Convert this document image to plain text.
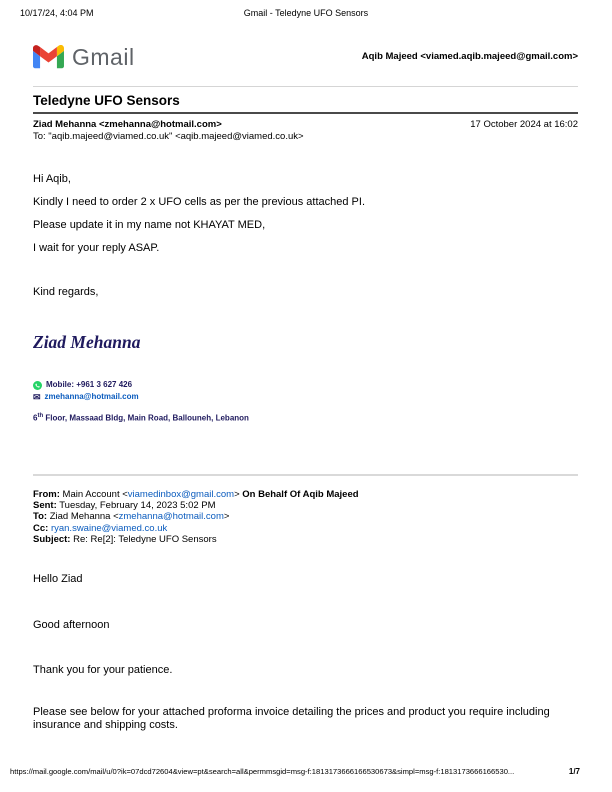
10/17/24, 4:04 PM	Gmail - Teledyne UFO Sensors
Gmail	Aqib Majeed <viamed.aqib.majeed@gmail.com>
Teledyne UFO Sensors
Ziad Mehanna <zmehanna@hotmail.com>	17 October 2024 at 16:02
To: "aqib.majeed@viamed.co.uk" <aqib.majeed@viamed.co.uk>

Hi Aqib,

Kindly I need to order 2 x UFO cells as per the previous attached PI.

Please update it in my name not KHAYAT MED,

I wait for your reply ASAP.

Kind regards,

Ziad Mehanna
Mobile: +961 3 627 426
✉ zmehanna@hotmail.com
6th Floor, Massaad Bldg, Main Road, Ballouneh, Lebanon
From: Main Account <viamedinbox@gmail.com> On Behalf Of Aqib Majeed
Sent: Tuesday, February 14, 2023 5:02 PM
To: Ziad Mehanna <zmehanna@hotmail.com>
Cc: ryan.swaine@viamed.co.uk
Subject: Re: Re[2]: Teledyne UFO Sensors

Hello Ziad

Good afternoon

Thank you for your patience.

Please see below for your attached proforma invoice detailing the prices and product you require including insurance and shipping costs.

https://mail.google.com/mail/u/0?ik=07dcd72604&view=pt&search=all&permmsgid=msg-f:1813173666166530673&simpl=msg-f:1813173666166530...	1/7
